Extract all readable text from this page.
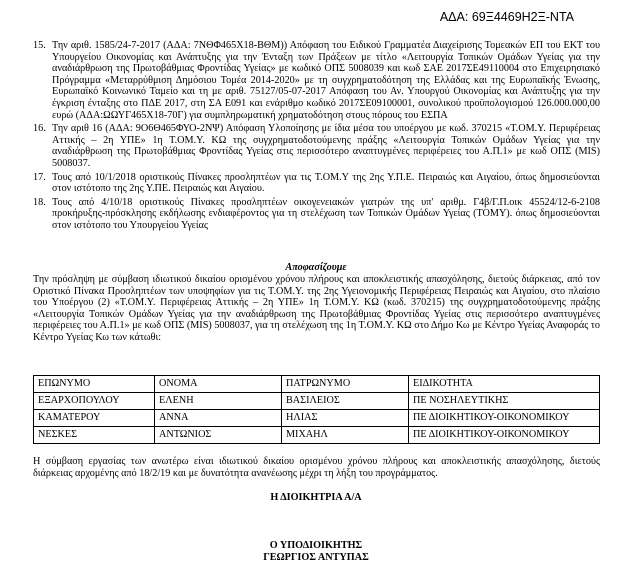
ΑΔΑ: 69Ξ4469Η2Ξ-ΝΤΑ
15. Την αριθ. 1585/24-7-2017 (ΑΔΑ: 7ΝΘΦ465Χ18-ΒΘΜ)) Απόφαση του Ειδικού Γραμματέα Διαχείρισης Τομεακών ΕΠ του ΕΚΤ του Υπουργείου Οικονομίας και Ανάπτυξης για την Ένταξη των Πράξεων με τίτλο «Λειτουργία Τοπικών Ομάδων Υγείας για την αναδιάρθρωση της Πρωτοβάθμιας Φροντίδας Υγείας» με κωδικό ΟΠΣ 5008039 και κωδ ΣΑΕ 2017ΣΕ49110004 στο Επιχειρησιακό Πρόγραμμα «Μεταρρύθμιση Δημόσιου Τομέα 2014-2020» με τη συγχρηματοδότηση της Ελλάδας και της Ευρωπαϊκής Ένωσης, Ευρωπαϊκό Κοινωνικό Ταμείο και τη με αριθ. 75127/05-07-2017 Απόφαση του Αν. Υπουργού Οικονομίας και Ανάπτυξης για την έγκριση ένταξης στο ΠΔΕ 2017, στη ΣΑ Ε091 και ενάριθμο κωδικό 2017ΣΕ09100001, συνολικού προϋπολογισμού 126.000.000,00 ευρώ (ΑΔΑ:ΩΩΥΓ465Χ18-70Γ) για συμπληρωματική χρηματοδότηση στους πόρους του ΕΣΠΑ
16. Την αριθ 16 (ΑΔΑ: 9Ο6Θ465ΦΥΟ-2ΝΨ) Απόφαση Υλοποίησης με ίδια μέσα του υποέργου με κωδ. 370215 «Τ.ΟΜ.Υ. Περιφέρειας Αττικής – 2η ΥΠΕ» 1η Τ.ΟΜ.Υ. ΚΩ της συγχρηματοδοτούμενης πράξης «Λειτουργία Τοπικών Ομάδων Υγείας για την αναδιάρθρωση της Πρωτοβάθμιας Φροντίδας Υγείας στις περισσότερο αναπτυγμένες περιφέρειες του Α.Π.1» με κωδ ΟΠΣ (MIS) 5008037.
17. Τους από 10/1/2018 οριστικούς Πίνακες προσληπτέων για τις Τ.ΟΜ.Υ της 2ης Υ.Π.Ε. Πειραιώς και Αιγαίου, όπως δημοσιεύονται στον ιστότοπο της 2ης Υ.ΠΕ. Πειραιώς και Αιγαίου.
18. Τους από 4/10/18 οριστικούς Πίνακες προσληπτέων οικογενειακών γιατρών της υπ' αριθμ. Γ4β/Γ.Π.οικ 45524/12-6-2108 προκήρυξης-πρόσκλησης εκδήλωσης ενδιαφέροντος για τη στελέχωση των Τοπικών Ομάδων Υγείας (ΤΟΜΥ). όπως δημοσιεύονται στον ιστότοπο του Υπουργείου Υγείας
Αποφασίζουμε
Την πρόσληψη με σύμβαση ιδιωτικού δικαίου ορισμένου χρόνου πλήρους και αποκλειστικής απασχόλησης, διετούς διάρκειας, από τον Οριστικό Πίνακα Προσληπτέων των υποψηφίων για τις Τ.ΟΜ.Υ. της 2ης Υγειονομικής Περιφέρειας Πειραιώς και Αιγαίου, στο πλαίσιο του Υποέργου (2) «Τ.ΟΜ.Υ. Περιφέρειας Αττικής – 2η ΥΠΕ» 1η Τ.ΟΜ.Υ. ΚΩ (κωδ. 370215) της συγχρηματοδοτούμενης πράξης «Λειτουργία Τοπικών Ομάδων Υγείας για την αναδιάρθρωση της Πρωτοβάθμιας Φροντίδας Υγείας στις περισσότερο αναπτυγμένες περιφέρειες του Α.Π.1» με κωδ ΟΠΣ (MIS) 5008037, για τη στελέχωση της 1η Τ.ΟΜ.Υ. ΚΩ στο Δήμο Κω με Κέντρο Υγείας Αναφοράς το Κέντρο Υγείας Κω των κάτωθι:
ΕΠΩΝΥΜΟ	ΟΝΟΜΑ	ΠΑΤΡΩΝΥΜΟ	ΕΙΔΙΚΟΤΗΤΑ
ΕΞΑΡΧΟΠΟΥΛΟΥ	ΕΛΕΝΗ	ΒΑΣΙΛΕΙΟΣ	ΠΕ ΝΟΣΗΛΕΥΤΙΚΗΣ
ΚΑΜΑΤΕΡΟΥ	ΑΝΝΑ	ΗΛΙΑΣ	ΠΕ ΔΙΟΙΚΗΤΙΚΟΥ-ΟΙΚΟΝΟΜΙΚΟΥ
ΝΕΣΚΕΣ	ΑΝΤΩΝΙΟΣ	ΜΙΧΑΗΛ	ΠΕ ΔΙΟΙΚΗΤΙΚΟΥ-ΟΙΚΟΝΟΜΙΚΟΥ
Η σύμβαση εργασίας των ανωτέρω είναι ιδιωτικού δικαίου ορισμένου χρόνου πλήρους και αποκλειστικής απασχόλησης, διετούς διάρκειας αρχομένης από 18/2/19 και με δυνατότητα ανανέωσης μέχρι τη λήξη του προγράμματος.
Η ΔΙΟΙΚΗΤΡΙΑ Α/Α
Ο ΥΠΟΔΙΟΙΚΗΤΗΣ
ΓΕΩΡΓΙΟΣ ΑΝΤΥΠΑΣ
